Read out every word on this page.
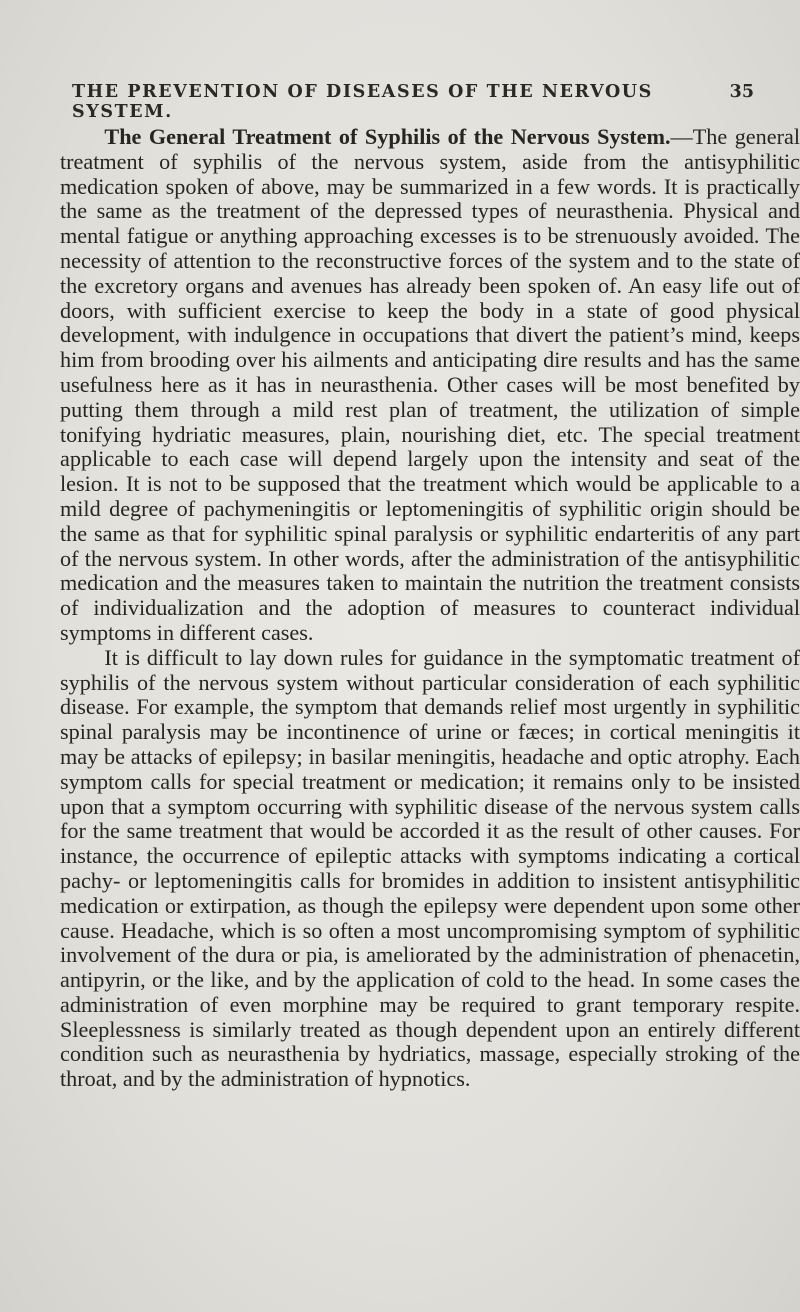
THE PREVENTION OF DISEASES OF THE NERVOUS SYSTEM.
35

The General Treatment of Syphilis of the Nervous System.—The general treatment of syphilis of the nervous system, aside from the antisyphilitic medication spoken of above, may be summarized in a few words. It is practically the same as the treatment of the depressed types of neurasthenia. Physical and mental fatigue or anything approaching excesses is to be strenuously avoided. The necessity of attention to the reconstructive forces of the system and to the state of the excretory organs and avenues has already been spoken of. An easy life out of doors, with sufficient exercise to keep the body in a state of good physical development, with indulgence in occupations that divert the patient’s mind, keeps him from brooding over his ailments and anticipating dire results and has the same usefulness here as it has in neurasthenia. Other cases will be most benefited by putting them through a mild rest plan of treatment, the utilization of simple tonifying hydriatic measures, plain, nourishing diet, etc. The special treatment applicable to each case will depend largely upon the intensity and seat of the lesion. It is not to be supposed that the treatment which would be applicable to a mild degree of pachymeningitis or leptomeningitis of syphilitic origin should be the same as that for syphilitic spinal paralysis or syphilitic endarteritis of any part of the nervous system. In other words, after the administration of the antisyphilitic medication and the measures taken to maintain the nutrition the treatment consists of individualization and the adoption of measures to counteract individual symptoms in different cases.

It is difficult to lay down rules for guidance in the symptomatic treatment of syphilis of the nervous system without particular consideration of each syphilitic disease. For example, the symptom that demands relief most urgently in syphilitic spinal paralysis may be incontinence of urine or fæces; in cortical meningitis it may be attacks of epilepsy; in basilar meningitis, headache and optic atrophy. Each symptom calls for special treatment or medication; it remains only to be insisted upon that a symptom occurring with syphilitic disease of the nervous system calls for the same treatment that would be accorded it as the result of other causes. For instance, the occurrence of epileptic attacks with symptoms indicating a cortical pachy- or leptomeningitis calls for bromides in addition to insistent antisyphilitic medication or extirpation, as though the epilepsy were dependent upon some other cause. Headache, which is so often a most uncompromising symptom of syphilitic involvement of the dura or pia, is ameliorated by the administration of phenacetin, antipyrin, or the like, and by the application of cold to the head. In some cases the administration of even morphine may be required to grant temporary respite. Sleeplessness is similarly treated as though dependent upon an entirely different condition such as neurasthenia by hydriatics, massage, especially stroking of the throat, and by the administration of hypnotics.
